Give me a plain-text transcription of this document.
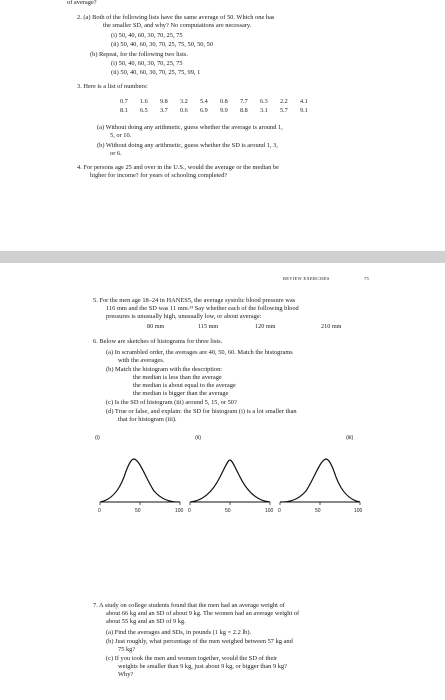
of average?
2. (a) Both of the following lists have the same average of 50. Which one has
the smaller SD, and why? No computations are necessary.
(i) 50, 40, 60, 30, 70, 25, 75
(ii) 50, 40, 60, 30, 70, 25, 75, 50, 50, 50
(b) Repeat, for the following two lists.
(i) 50, 40, 60, 30, 70, 25, 75
(ii) 50, 40, 60, 30, 70, 25, 75, 99, 1
3. Here is a list of numbers:
0.7 1.6 9.8 3.2 5.4 0.8 7.7 6.3 2.2 4.1
8.1 6.5 3.7 0.6 6.9 9.9 8.8 3.1 5.7 9.1
(a) Without doing any arithmetic, guess whether the average is around 1,
5, or 10.
(b) Without doing any arithmetic, guess whether the SD is around 1, 3,
or 6.
4. For persons age 25 and over in the U.S., would the average or the median be
higher for income? for years of schooling completed?
REVIEW EXERCISES	75
5. For the men age 18–24 in HANES5, the average systolic blood pressure was
116 mm and the SD was 11 mm.¹³ Say whether each of the following blood
pressures is unusually high, unusually low, or about average:
80 mm	115 mm	120 mm	210 mm
6. Below are sketches of histograms for three lists.
(a) In scrambled order, the averages are 40, 50, 60. Match the histograms
with the averages.
(b) Match the histogram with the description:
the median is less than the average
the median is about equal to the average
the median is bigger than the average
(c) Is the SD of histogram (iii) around 5, 15, or 50?
(d) True or false, and explain: the SD for histogram (i) is a lot smaller than
that for histogram (iii).
(i)
0	50	100
(ii)
0	50	100
(iii)
0	50	100
7. A study on college students found that the men had an average weight of
about 66 kg and an SD of about 9 kg. The women had an average weight of
about 55 kg and an SD of 9 kg.
(a) Find the averages and SDs, in pounds (1 kg = 2.2 lb).
(b) Just roughly, what percentage of the men weighed between 57 kg and
75 kg?
(c) If you took the men and women together, would the SD of their
weights be smaller than 9 kg, just about 9 kg, or bigger than 9 kg?
Why?
